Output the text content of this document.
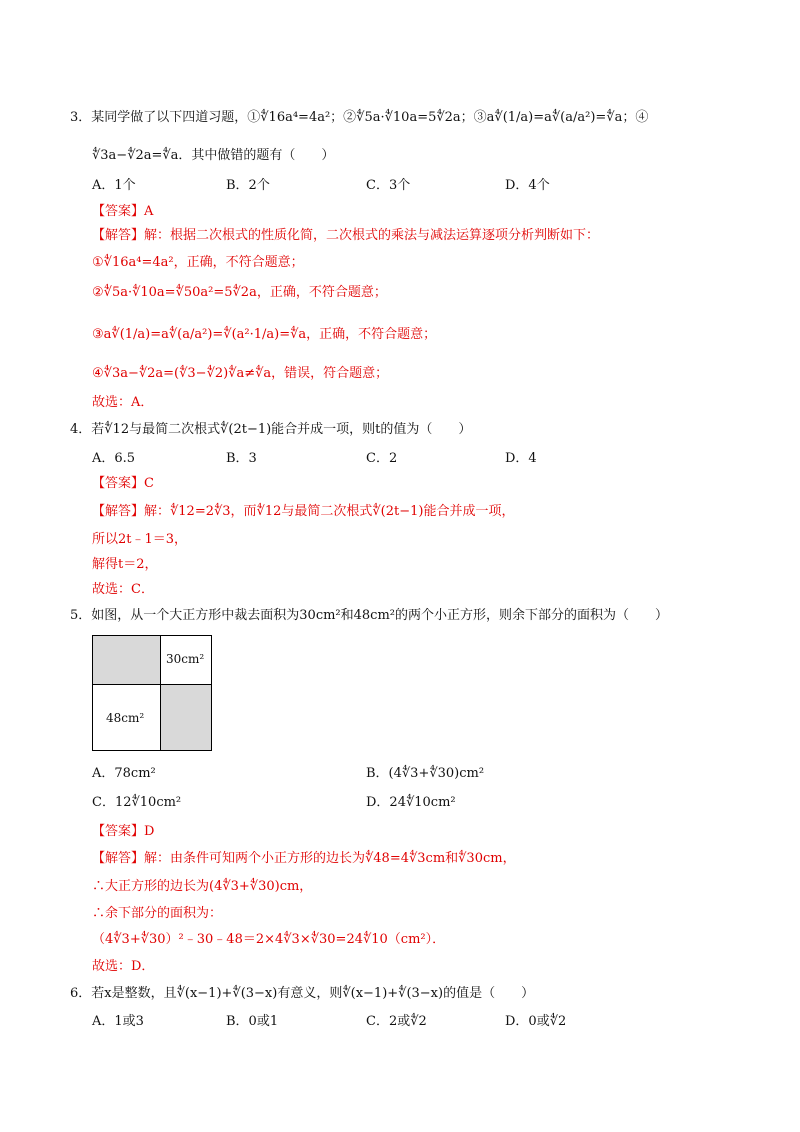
3．某同学做了以下四道习题，①∜16a⁴=4a²；②∜5a·∜10a=5∜2a；③a∜(1/a)=a∜(a/a²)=∜a；④
∜3a−∜2a=∜a．其中做错的题有（　　）
A．1个	B．2个	C．3个	D．4个
【答案】A
【解答】解：根据二次根式的性质化简，二次根式的乘法与减法运算逐项分析判断如下：
①∜16a⁴=4a²，正确，不符合题意；
②∜5a·∜10a=∜50a²=5∜2a，正确，不符合题意；
③a∜(1/a)=a∜(a/a²)=∜(a²·1/a)=∜a，正确，不符合题意；
④∜3a−∜2a=(∜3−∜2)∜a≠∜a，错误，符合题意；
故选：A．
4．若∜12与最简二次根式∜(2t−1)能合并成一项，则t的值为（　　）
A．6.5	B．3	C．2	D．4
【答案】C
【解答】解：∜12=2∜3，而∜12与最简二次根式∜(2t−1)能合并成一项，
所以2t﹣1＝3，
解得t＝2，
故选：C．
5．如图，从一个大正方形中裁去面积为30cm²和48cm²的两个小正方形，则余下部分的面积为（　　）
30cm²
48cm²
A．78cm²	B．(4∜3+∜30)cm²
C．12∜10cm²	D．24∜10cm²
【答案】D
【解答】解：由条件可知两个小正方形的边长为∜48=4∜3cm和∜30cm，
∴大正方形的边长为(4∜3+∜30)cm，
∴余下部分的面积为：
（4∜3+∜30）²﹣30﹣48＝2×4∜3×∜30=24∜10（cm²）．
故选：D．
6．若x是整数，且∜(x−1)+∜(3−x)有意义，则∜(x−1)+∜(3−x)的值是（　　）
A．1或3	B．0或1	C．2或∜2	D．0或∜2
